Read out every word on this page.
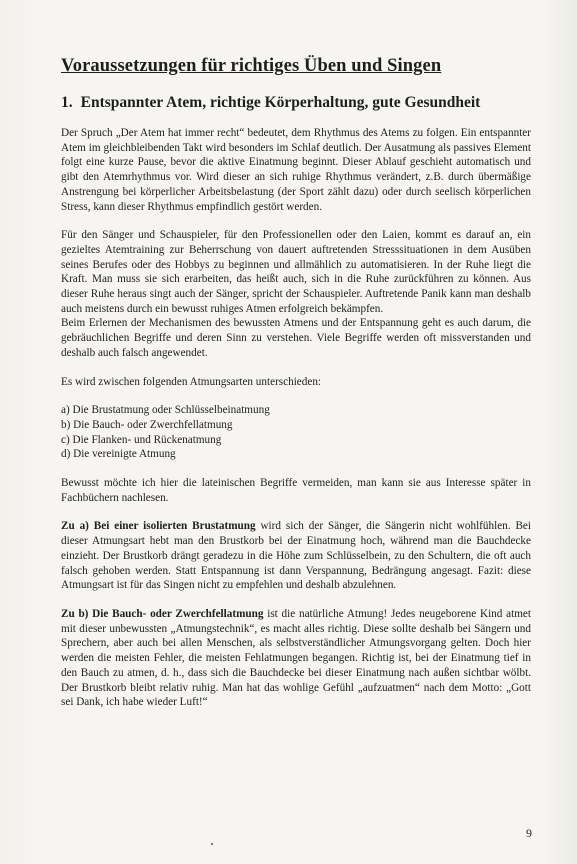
Voraussetzungen für richtiges Üben und Singen
1. Entspannter Atem, richtige Körperhaltung, gute Gesundheit

Der Spruch „Der Atem hat immer recht“ bedeutet, dem Rhythmus des Atems zu folgen. Ein entspannter Atem im gleichbleibenden Takt wird besonders im Schlaf deutlich. Der Ausatmung als passives Element folgt eine kurze Pause, bevor die aktive Einatmung beginnt. Dieser Ablauf geschieht automatisch und gibt den Atemrhythmus vor. Wird dieser an sich ruhige Rhythmus verändert, z.B. durch übermäßige Anstrengung bei körperlicher Arbeitsbelastung (der Sport zählt dazu) oder durch seelisch körperlichen Stress, kann dieser Rhythmus empfindlich gestört werden.

Für den Sänger und Schauspieler, für den Professionellen oder den Laien, kommt es darauf an, ein gezieltes Atemtraining zur Beherrschung von dauert auftretenden Stresssituationen in dem Ausüben seines Berufes oder des Hobbys zu beginnen und allmählich zu automatisieren. In der Ruhe liegt die Kraft. Man muss sie sich erarbeiten, das heißt auch, sich in die Ruhe zurückführen zu können. Aus dieser Ruhe heraus singt auch der Sänger, spricht der Schauspieler. Auftretende Panik kann man deshalb auch meistens durch ein bewusst ruhiges Atmen erfolgreich bekämpfen.

Beim Erlernen der Mechanismen des bewussten Atmens und der Entspannung geht es auch darum, die gebräuchlichen Begriffe und deren Sinn zu verstehen. Viele Begriffe werden oft missverstanden und deshalb auch falsch angewendet.

Es wird zwischen folgenden Atmungsarten unterschieden:

a) Die Brustatmung oder Schlüsselbeinatmung
b) Die Bauch- oder Zwerchfellatmung
c) Die Flanken- und Rückenatmung
d) Die vereinigte Atmung

Bewusst möchte ich hier die lateinischen Begriffe vermeiden, man kann sie aus Interesse später in Fachbüchern nachlesen.

Zu a) Bei einer isolierten Brustatmung wird sich der Sänger, die Sängerin nicht wohlfühlen. Bei dieser Atmungsart hebt man den Brustkorb bei der Einatmung hoch, während man die Bauchdecke einzieht. Der Brustkorb drängt geradezu in die Höhe zum Schlüsselbein, zu den Schultern, die oft auch falsch gehoben werden. Statt Entspannung ist dann Verspannung, Bedrängung angesagt. Fazit: diese Atmungsart ist für das Singen nicht zu empfehlen und deshalb abzulehnen.

Zu b) Die Bauch- oder Zwerchfellatmung ist die natürliche Atmung! Jedes neugeborene Kind atmet mit dieser unbewussten „Atmungstechnik“, es macht alles richtig. Diese sollte deshalb bei Sängern und Sprechern, aber auch bei allen Menschen, als selbstverständlicher Atmungsvorgang gelten. Doch hier werden die meisten Fehler, die meisten Fehlatmungen begangen. Richtig ist, bei der Einatmung tief in den Bauch zu atmen, d. h., dass sich die Bauchdecke bei dieser Einatmung nach außen sichtbar wölbt. Der Brustkorb bleibt relativ ruhig. Man hat das wohlige Gefühl „aufzuatmen“ nach dem Motto: „Gott sei Dank, ich habe wieder Luft!“

9
